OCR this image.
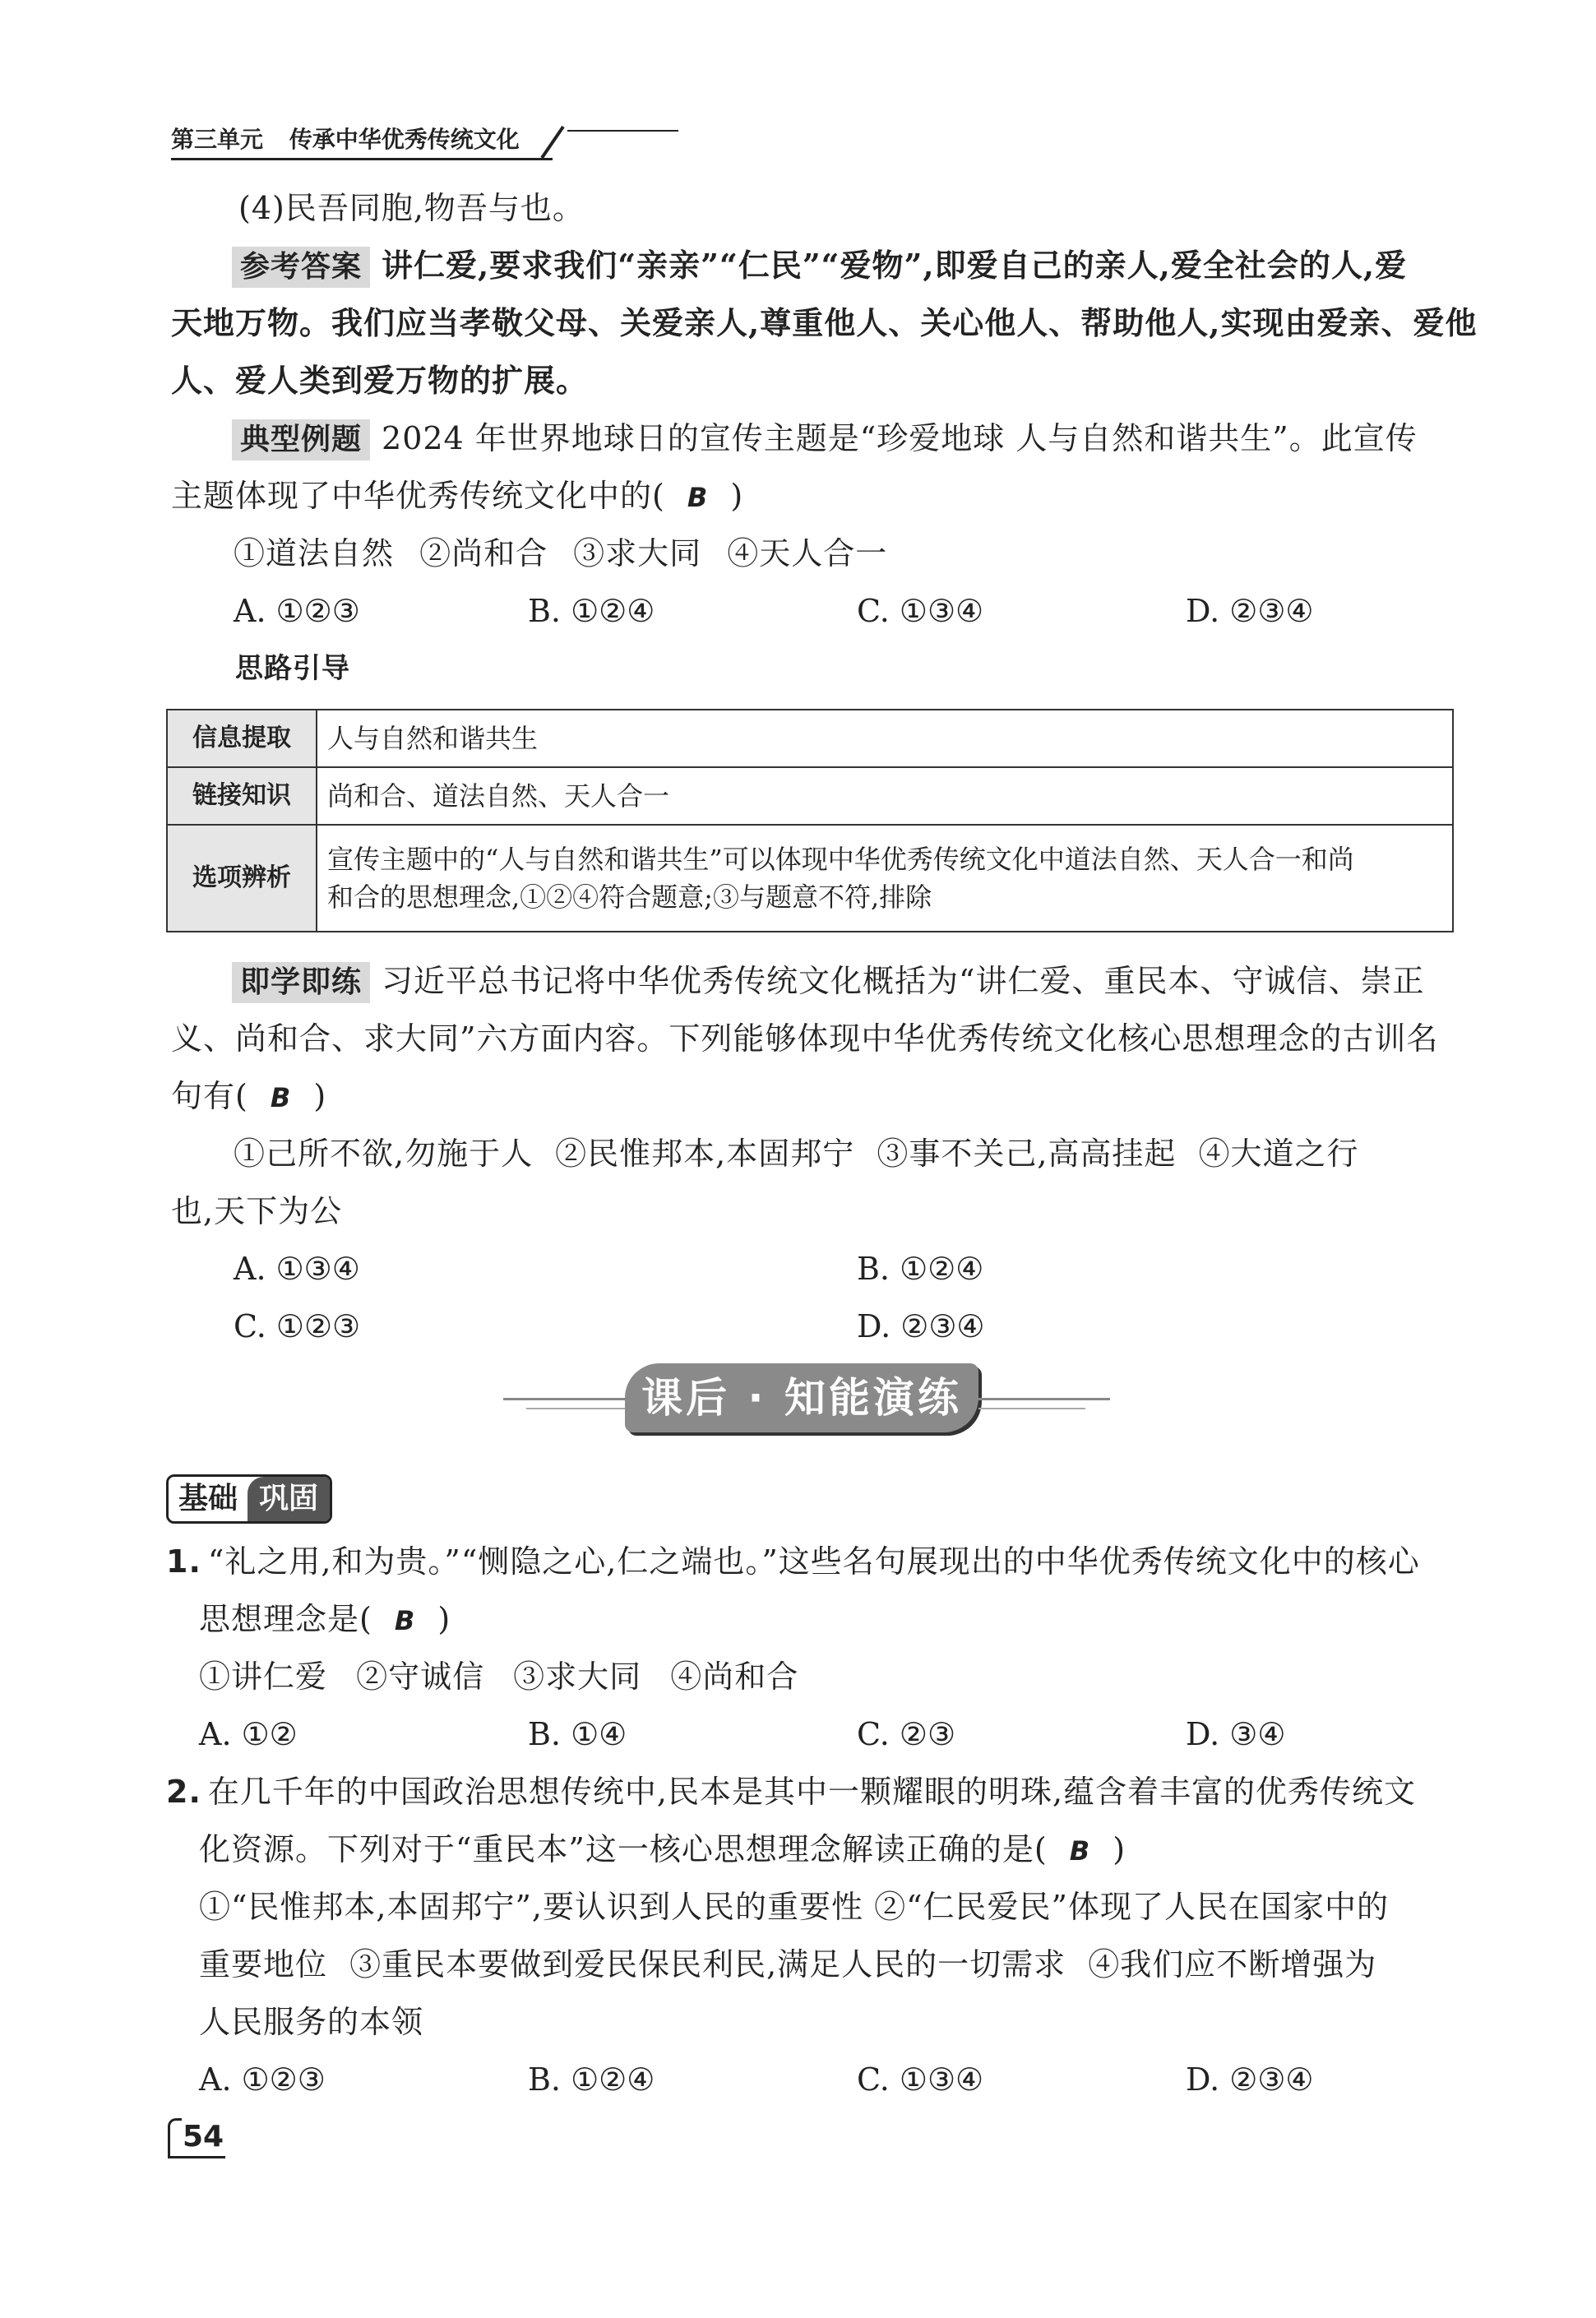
第三单元 传承中华优秀传统文化
(4)民吾同胞,物吾与也。
参考答案 讲仁爱,要求我们“亲亲”“仁民”“爱物”,即爱自己的亲人,爱全社会的人,爱
天地万物。我们应当孝敬父母、关爱亲人,尊重他人、关心他人、帮助他人,实现由爱亲、爱他
人、爱人类到爱万物的扩展。
典型例题 2024 年世界地球日的宣传主题是“珍爱地球 人与自然和谐共生”。此宣传
主题体现了中华优秀传统文化中的( B )
①道法自然 ②尚和合 ③求大同 ④天人合一
A. ①②③	B. ①②④	C. ①③④	D. ②③④
思路引导
信息提取	人与自然和谐共生
链接知识	尚和合、道法自然、天人合一
选项辨析	宣传主题中的“人与自然和谐共生”可以体现中华优秀传统文化中道法自然、天人合一和尚
和合的思想理念,①②④符合题意;③与题意不符,排除
即学即练 习近平总书记将中华优秀传统文化概括为“讲仁爱、重民本、守诚信、崇正
义、尚和合、求大同”六方面内容。下列能够体现中华优秀传统文化核心思想理念的古训名
句有( B )
①己所不欲,勿施于人 ②民惟邦本,本固邦宁 ③事不关己,高高挂起 ④大道之行
也,天下为公
A. ①③④	B. ①②④
C. ①②③	D. ②③④
课后 · 知能演练
基础 巩固
1. “礼之用,和为贵。”“恻隐之心,仁之端也。”这些名句展现出的中华优秀传统文化中的核心
思想理念是( B )
①讲仁爱 ②守诚信 ③求大同 ④尚和合
A. ①②	B. ①④	C. ②③	D. ③④
2. 在几千年的中国政治思想传统中,民本是其中一颗耀眼的明珠,蕴含着丰富的优秀传统文
化资源。下列对于“重民本”这一核心思想理念解读正确的是( B )
①“民惟邦本,本固邦宁”,要认识到人民的重要性 ②“仁民爱民”体现了人民在国家中的
重要地位 ③重民本要做到爱民保民利民,满足人民的一切需求 ④我们应不断增强为
人民服务的本领
A. ①②③	B. ①②④	C. ①③④	D. ②③④
54
